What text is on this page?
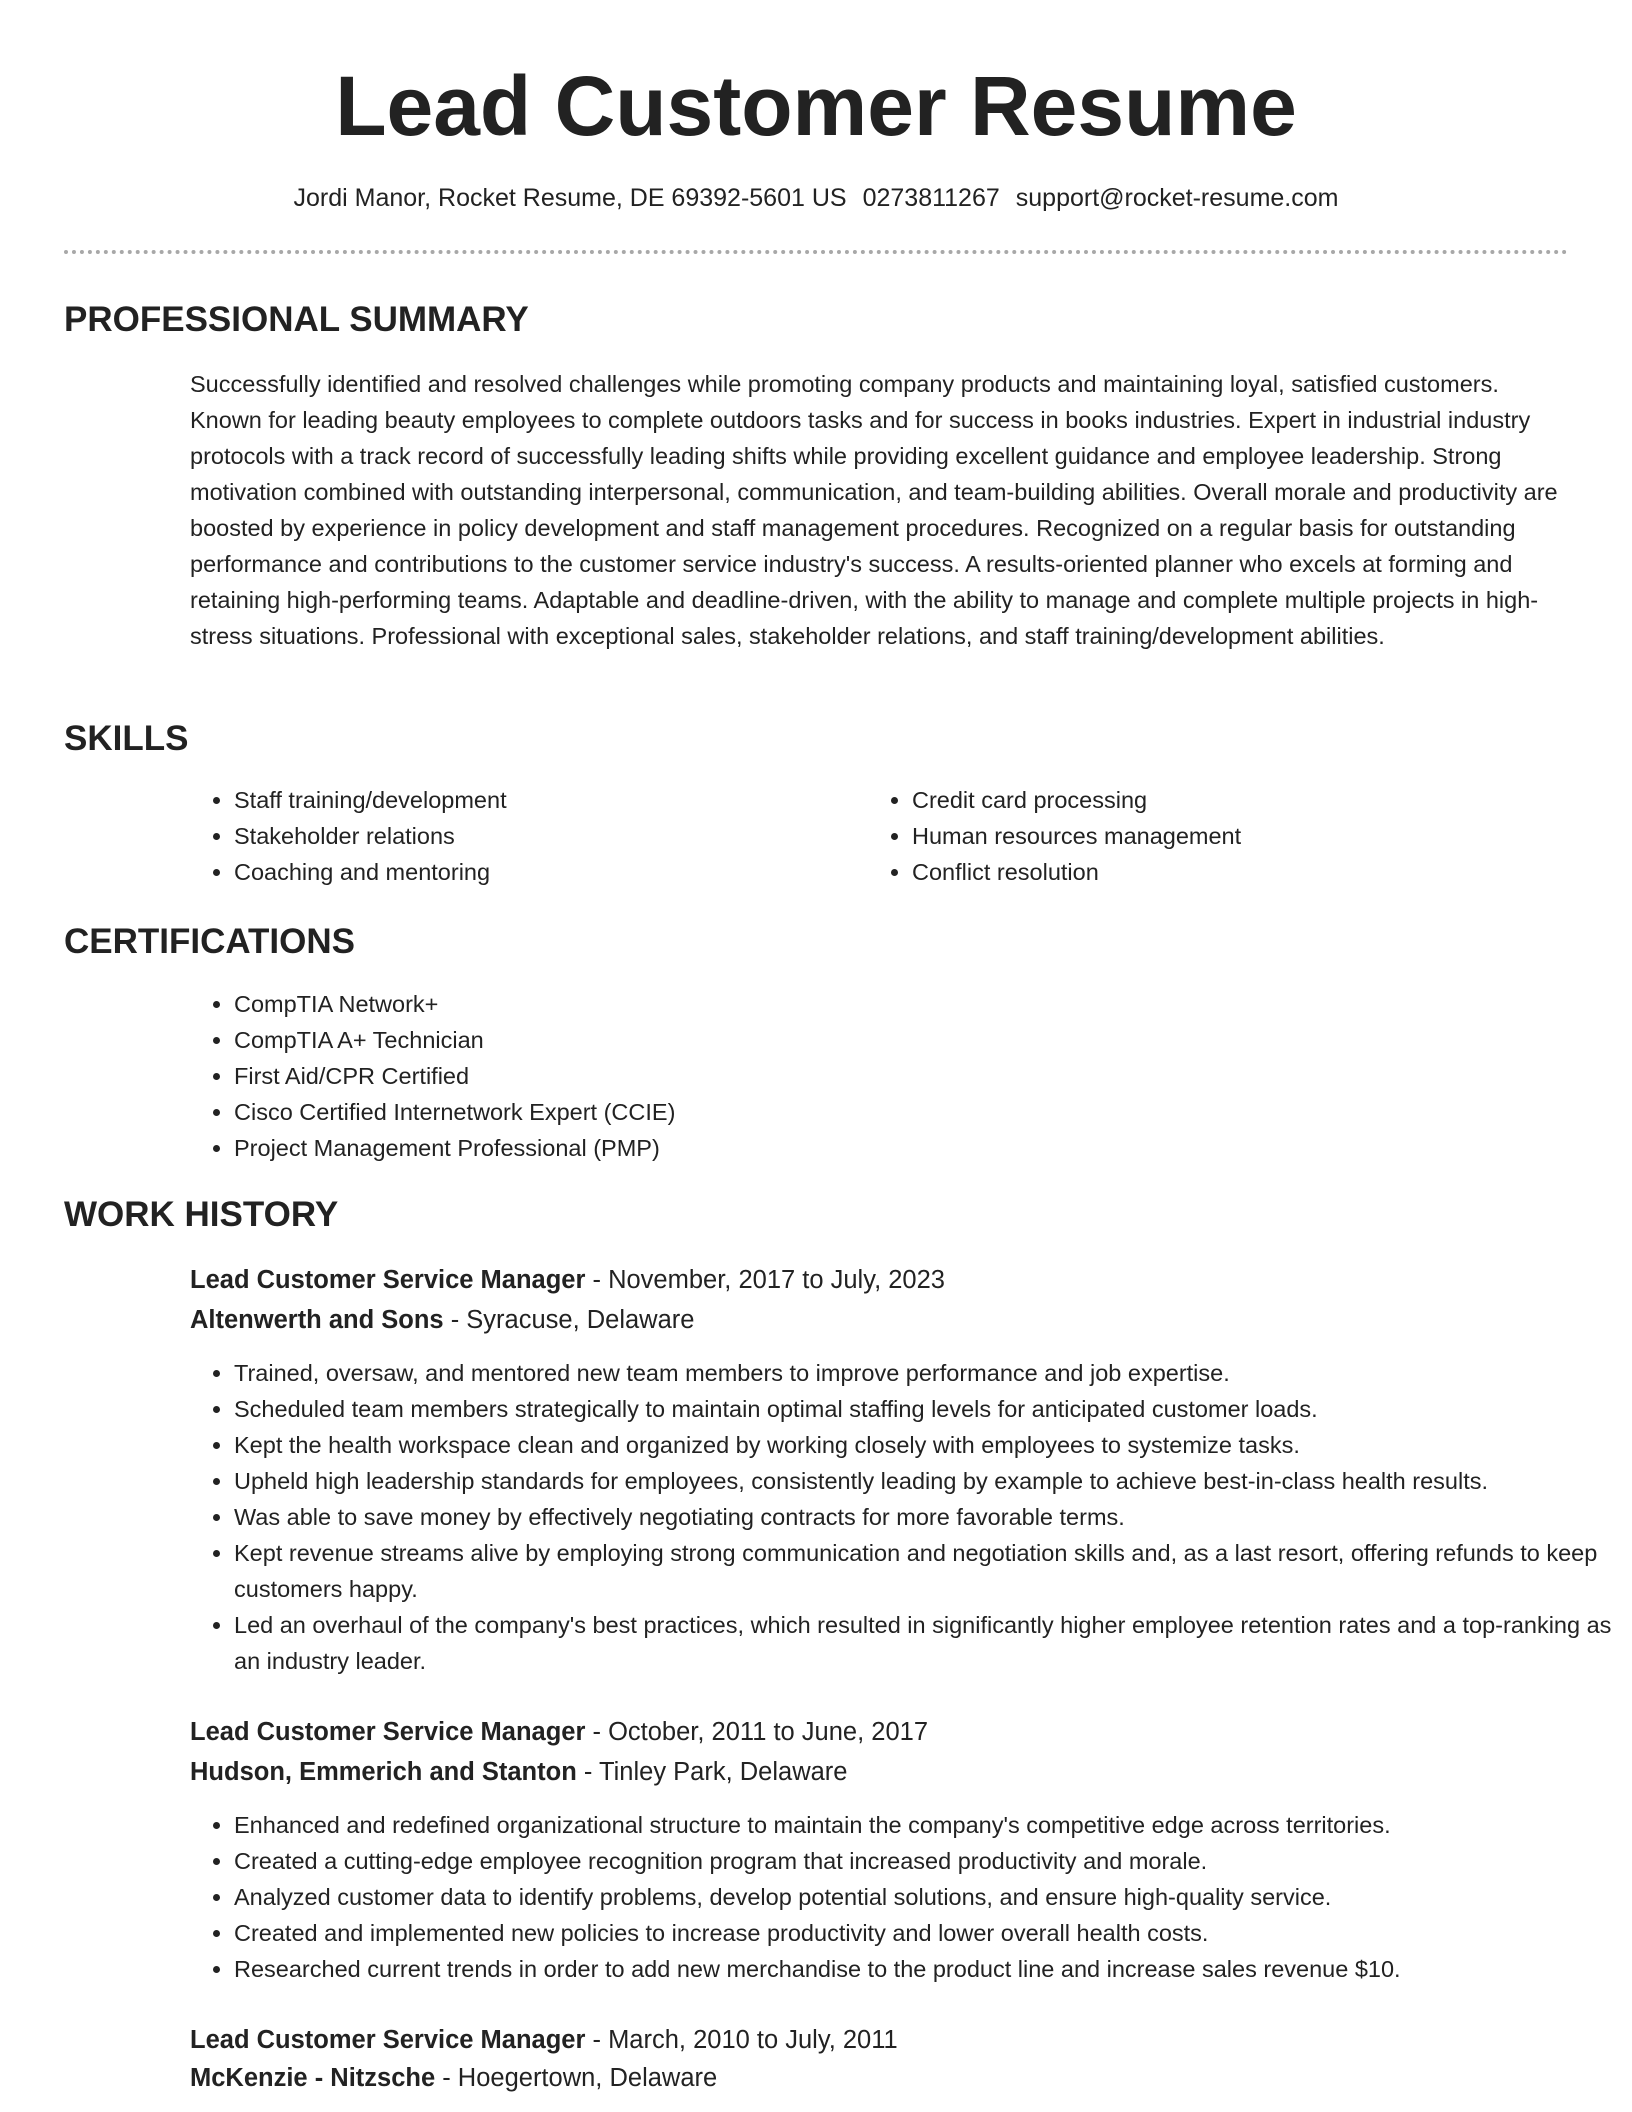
Lead Customer Resume
Jordi Manor, Rocket Resume, DE 69392-5601 US 0273811267 support@rocket-resume.com
PROFESSIONAL SUMMARY

Successfully identified and resolved challenges while promoting company products and maintaining loyal, satisfied customers. Known for leading beauty employees to complete outdoors tasks and for success in books industries. Expert in industrial industry protocols with a track record of successfully leading shifts while providing excellent guidance and employee leadership. Strong motivation combined with outstanding interpersonal, communication, and team-building abilities. Overall morale and productivity are boosted by experience in policy development and staff management procedures. Recognized on a regular basis for outstanding performance and contributions to the customer service industry's success. A results-oriented planner who excels at forming and retaining high-performing teams. Adaptable and deadline-driven, with the ability to manage and complete multiple projects in high-stress situations. Professional with exceptional sales, stakeholder relations, and staff training/development abilities.

SKILLS
• Staff training/development
• Stakeholder relations
• Coaching and mentoring
• Credit card processing
• Human resources management
• Conflict resolution
CERTIFICATIONS
• CompTIA Network+
• CompTIA A+ Technician
• First Aid/CPR Certified
• Cisco Certified Internetwork Expert (CCIE)
• Project Management Professional (PMP)
WORK HISTORY
Lead Customer Service Manager - November, 2017 to July, 2023
Altenwerth and Sons - Syracuse, Delaware
• Trained, oversaw, and mentored new team members to improve performance and job expertise.
• Scheduled team members strategically to maintain optimal staffing levels for anticipated customer loads.
• Kept the health workspace clean and organized by working closely with employees to systemize tasks.
• Upheld high leadership standards for employees, consistently leading by example to achieve best-in-class health results.
• Was able to save money by effectively negotiating contracts for more favorable terms.
• Kept revenue streams alive by employing strong communication and negotiation skills and, as a last resort, offering refunds to keep customers happy.
• Led an overhaul of the company's best practices, which resulted in significantly higher employee retention rates and a top-ranking as an industry leader.
Lead Customer Service Manager - October, 2011 to June, 2017
Hudson, Emmerich and Stanton - Tinley Park, Delaware
• Enhanced and redefined organizational structure to maintain the company's competitive edge across territories.
• Created a cutting-edge employee recognition program that increased productivity and morale.
• Analyzed customer data to identify problems, develop potential solutions, and ensure high-quality service.
• Created and implemented new policies to increase productivity and lower overall health costs.
• Researched current trends in order to add new merchandise to the product line and increase sales revenue $10.
Lead Customer Service Manager - March, 2010 to July, 2011
McKenzie - Nitzsche - Hoegertown, Delaware
